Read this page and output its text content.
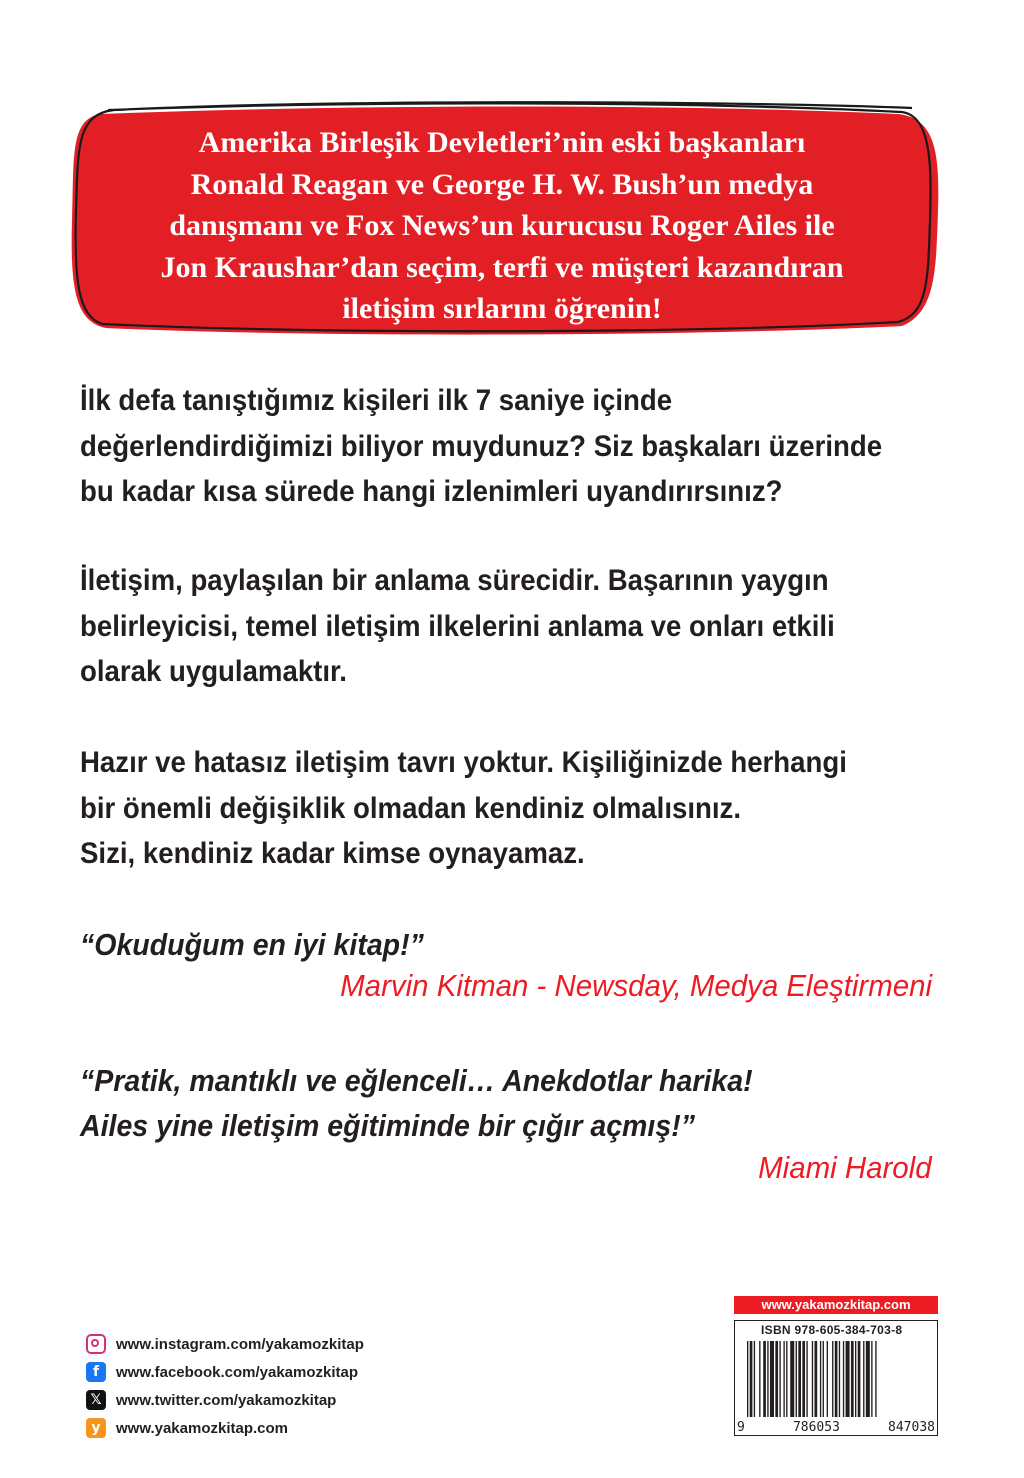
Amerika Birleşik Devletleri’nin eski başkanları
Ronald Reagan ve George H. W. Bush’un medya
danışmanı ve Fox News’un kurucusu Roger Ailes ile
Jon Kraushar’dan seçim, terfi ve müşteri kazandıran
iletişim sırlarını öğrenin!
İlk defa tanıştığımız kişileri ilk 7 saniye içinde
değerlendirdiğimizi biliyor muydunuz? Siz başkaları üzerinde
bu kadar kısa sürede hangi izlenimleri uyandırırsınız?
İletişim, paylaşılan bir anlama sürecidir. Başarının yaygın
belirleyicisi, temel iletişim ilkelerini anlama ve onları etkili
olarak uygulamaktır.
Hazır ve hatasız iletişim tavrı yoktur. Kişiliğinizde herhangi
bir önemli değişiklik olmadan kendiniz olmalısınız.
Sizi, kendiniz kadar kimse oynayamaz.
“Okuduğum en iyi kitap!”
Marvin Kitman - Newsday, Medya Eleştirmeni
“Pratik, mantıklı ve eğlenceli… Anekdotlar harika!
Ailes yine iletişim eğitiminde bir çığır açmış!”
Miami Harold
www.instagram.com/yakamozkitap
f	www.facebook.com/yakamozkitap
𝕏 www.twitter.com/yakamozkitap
y	www.yakamozkitap.com
www.yakamozkitap.com
ISBN 978-605-384-703-8
9	786053	847038
